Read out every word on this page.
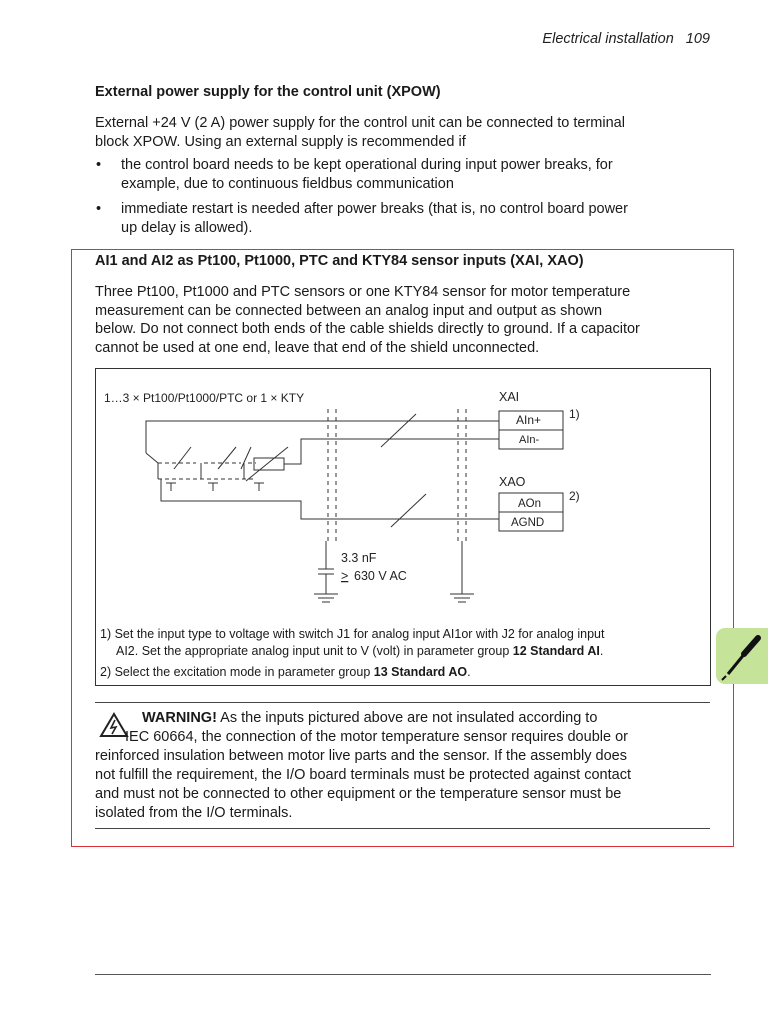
Electrical installation 109
External power supply for the control unit (XPOW)
External +24 V (2 A) power supply for the control unit can be connected to terminal
block XPOW. Using an external supply is recommended if
• the control board needs to be kept operational during input power breaks, for
example, due to continuous fieldbus communication
• immediate restart is needed after power breaks (that is, no control board power
up delay is allowed).
AI1 and AI2 as Pt100, Pt1000, PTC and KTY84 sensor inputs (XAI, XAO)
Three Pt100, Pt1000 and PTC sensors or one KTY84 sensor for motor temperature
measurement can be connected between an analog input and output as shown
below. Do not connect both ends of the cable shields directly to ground. If a capacitor
cannot be used at one end, leave that end of the shield unconnected.
1…3 × Pt100/Pt1000/PTC or 1 × KTY	XAI
AIn+
AIn-
1)
XAO
AOn
AGND
2)
3.3 nF
> 630 V AC
1) Set the input type to voltage with switch J1 for analog input AI1or with J2 for analog input
AI2. Set the appropriate analog input unit to V (volt) in parameter group 12 Standard AI.
2) Select the excitation mode in parameter group 13 Standard AO.
WARNING! As the inputs pictured above are not insulated according to
IEC 60664, the connection of the motor temperature sensor requires double or
reinforced insulation between motor live parts and the sensor. If the assembly does
not fulfill the requirement, the I/O board terminals must be protected against contact
and must not be connected to other equipment or the temperature sensor must be
isolated from the I/O terminals.
